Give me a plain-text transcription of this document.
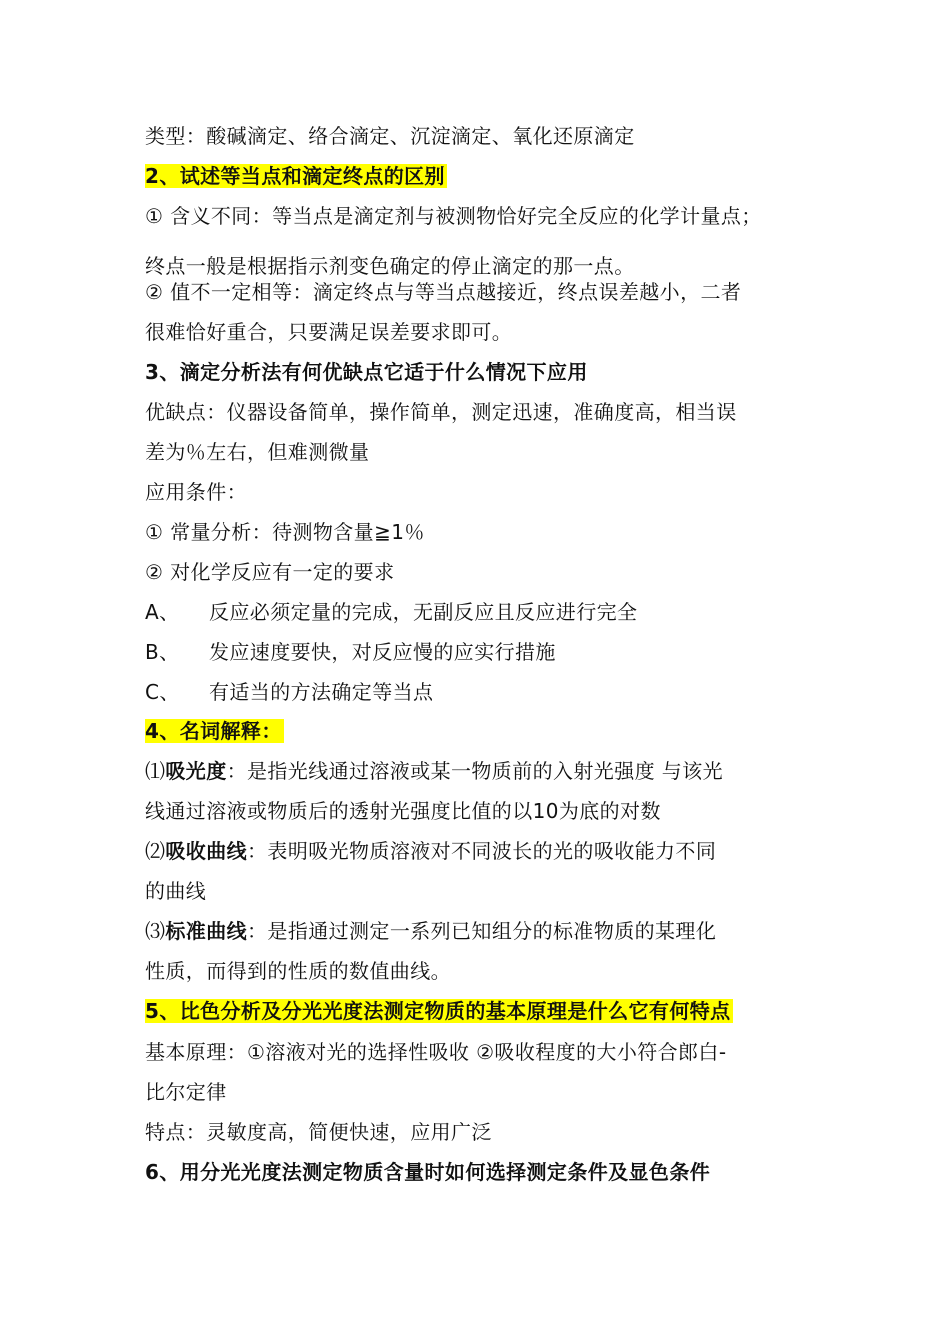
类型：酸碱滴定、络合滴定、沉淀滴定、氧化还原滴定
2、试述等当点和滴定终点的区别
① 含义不同：等当点是滴定剂与被测物恰好完全反应的化学计量点；
终点一般是根据指示剂变色确定的停止滴定的那一点。
② 值不一定相等：滴定终点与等当点越接近，终点误差越小，二者
很难恰好重合，只要满足误差要求即可。
3、滴定分析法有何优缺点它适于什么情况下应用
优缺点：仪器设备简单，操作简单，测定迅速，准确度高，相当误
差为％左右，但难测微量
应用条件：
① 常量分析：待测物含量≧1％
② 对化学反应有一定的要求
A、 反应必须定量的完成，无副反应且反应进行完全
B、 发应速度要快，对反应慢的应实行措施
C、 有适当的方法确定等当点
4、名词解释：
⑴吸光度：是指光线通过溶液或某一物质前的入射光强度 与该光
线通过溶液或物质后的透射光强度比值的以10为底的对数
⑵吸收曲线：表明吸光物质溶液对不同波长的光的吸收能力不同
的曲线
⑶标准曲线：是指通过测定一系列已知组分的标准物质的某理化
性质，而得到的性质的数值曲线。
5、比色分析及分光光度法测定物质的基本原理是什么它有何特点
基本原理：①溶液对光的选择性吸收 ②吸收程度的大小符合郎白-
比尔定律
特点：灵敏度高，简便快速，应用广泛
6、用分光光度法测定物质含量时如何选择测定条件及显色条件
